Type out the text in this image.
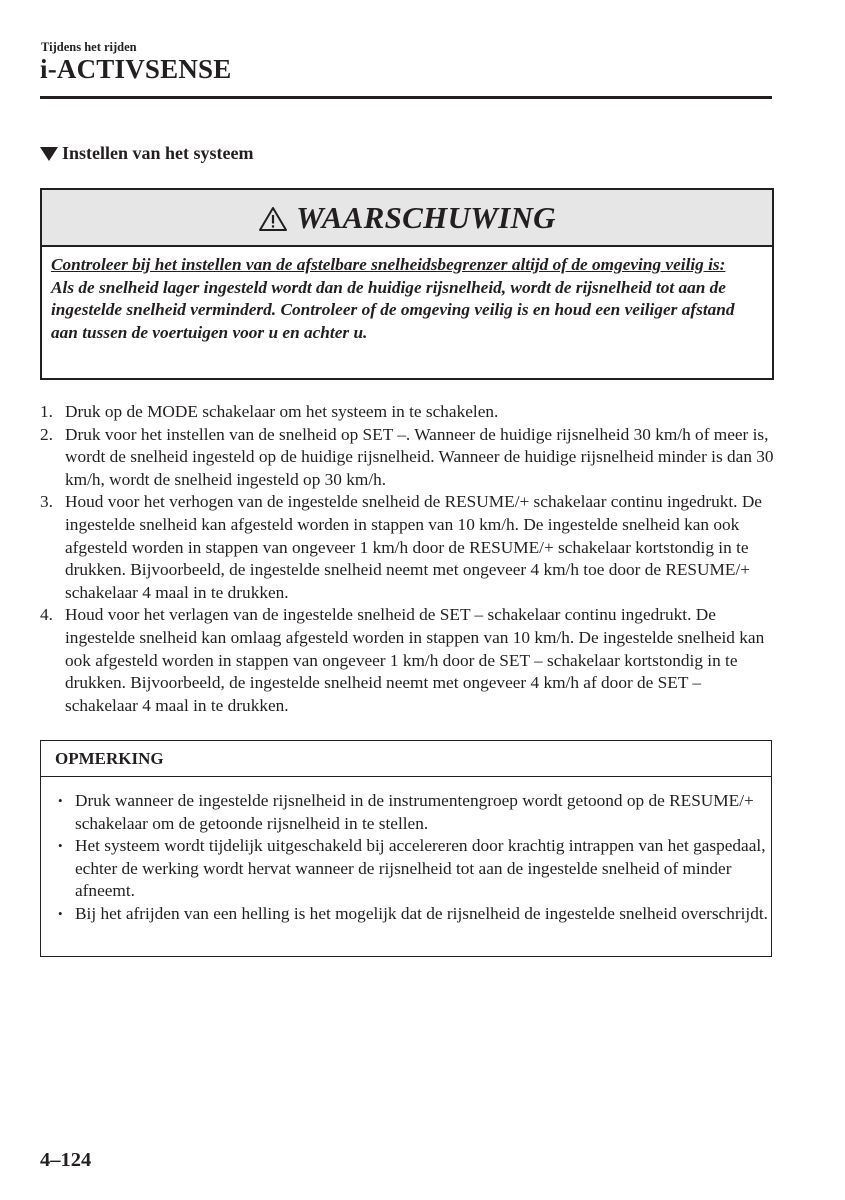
Tijdens het rijden
i-ACTIVSENSE
Instellen van het systeem
WAARSCHUWING
Controleer bij het instellen van de afstelbare snelheidsbegrenzer altijd of de omgeving veilig is:
Als de snelheid lager ingesteld wordt dan de huidige rijsnelheid, wordt de rijsnelheid tot aan de ingestelde snelheid verminderd. Controleer of de omgeving veilig is en houd een veiliger afstand aan tussen de voertuigen voor u en achter u.
1. Druk op de MODE schakelaar om het systeem in te schakelen.
2. Druk voor het instellen van de snelheid op SET –. Wanneer de huidige rijsnelheid 30 km/h of meer is, wordt de snelheid ingesteld op de huidige rijsnelheid. Wanneer de huidige rijsnelheid minder is dan 30 km/h, wordt de snelheid ingesteld op 30 km/h.
3. Houd voor het verhogen van de ingestelde snelheid de RESUME/+ schakelaar continu ingedrukt. De ingestelde snelheid kan afgesteld worden in stappen van 10 km/h. De ingestelde snelheid kan ook afgesteld worden in stappen van ongeveer 1 km/h door de RESUME/+ schakelaar kortstondig in te drukken. Bijvoorbeeld, de ingestelde snelheid neemt met ongeveer 4 km/h toe door de RESUME/+ schakelaar 4 maal in te drukken.
4. Houd voor het verlagen van de ingestelde snelheid de SET – schakelaar continu ingedrukt. De ingestelde snelheid kan omlaag afgesteld worden in stappen van 10 km/h. De ingestelde snelheid kan ook afgesteld worden in stappen van ongeveer 1 km/h door de SET – schakelaar kortstondig in te drukken. Bijvoorbeeld, de ingestelde snelheid neemt met ongeveer 4 km/h af door de SET – schakelaar 4 maal in te drukken.
OPMERKING
• Druk wanneer de ingestelde rijsnelheid in de instrumentengroep wordt getoond op de RESUME/+ schakelaar om de getoonde rijsnelheid in te stellen.
• Het systeem wordt tijdelijk uitgeschakeld bij accelereren door krachtig intrappen van het gaspedaal, echter de werking wordt hervat wanneer de rijsnelheid tot aan de ingestelde snelheid of minder afneemt.
• Bij het afrijden van een helling is het mogelijk dat de rijsnelheid de ingestelde snelheid overschrijdt.
4–124
